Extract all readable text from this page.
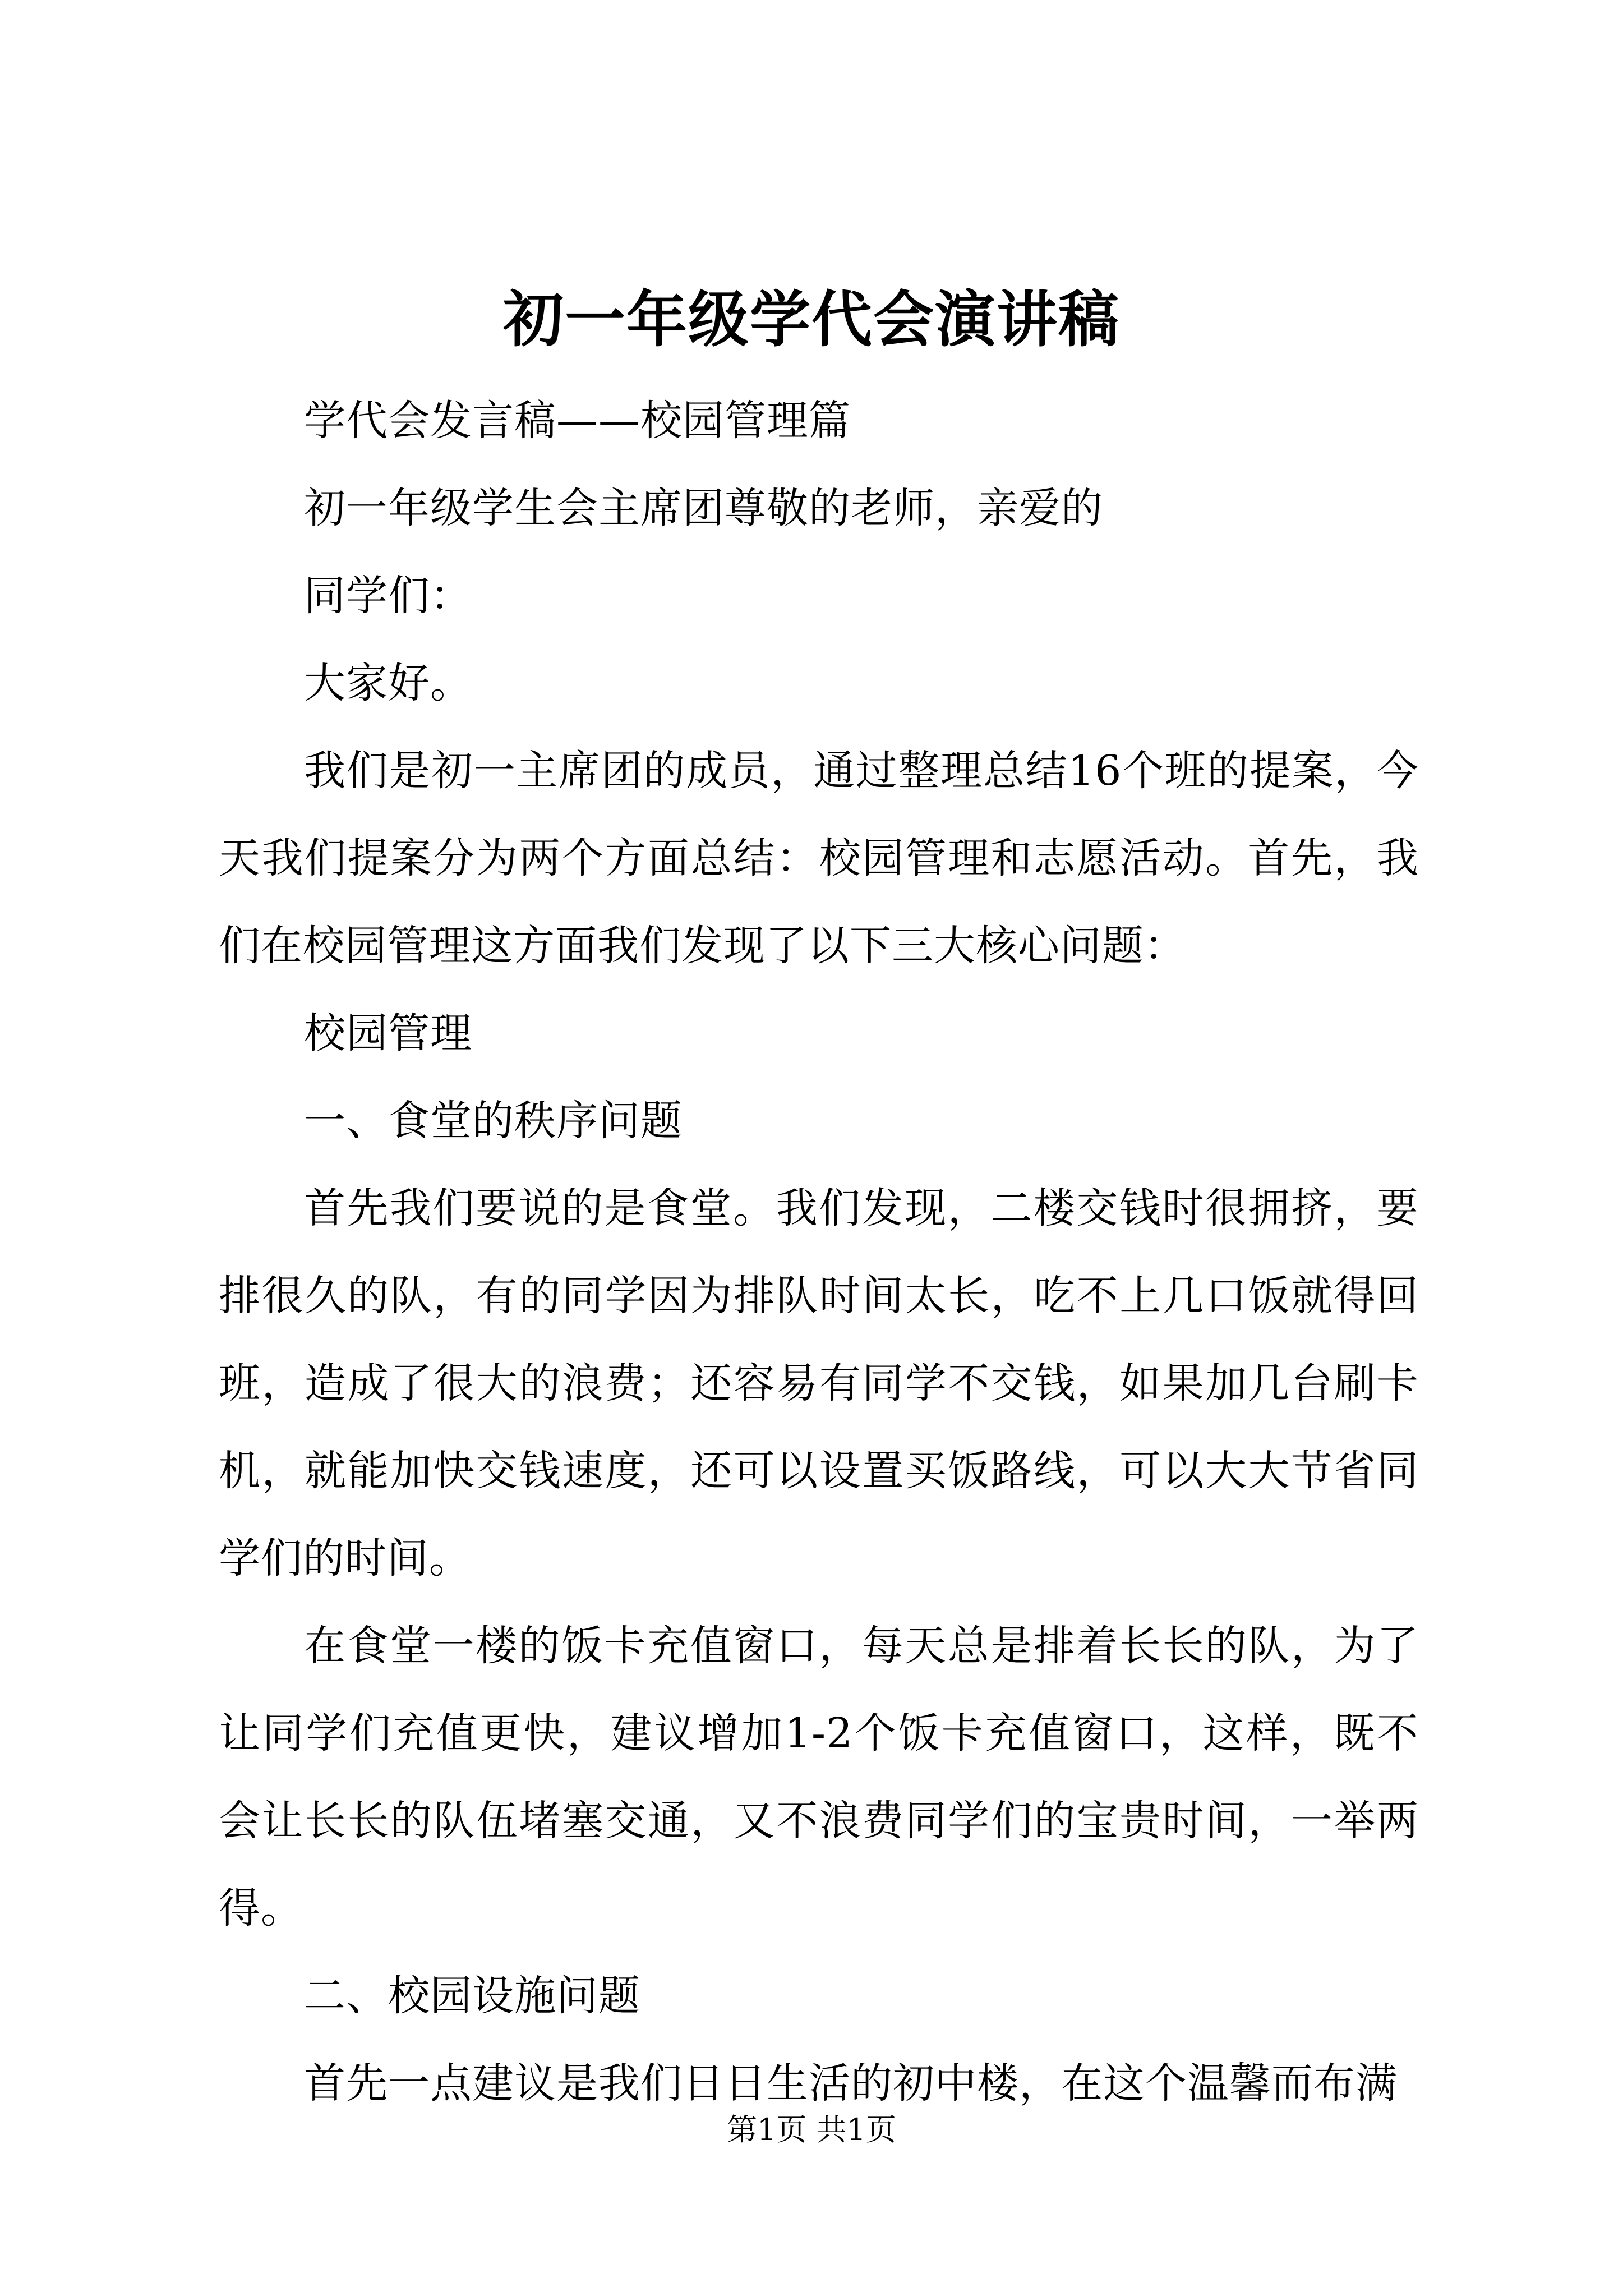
初一年级学代会演讲稿

学代会发言稿——校园管理篇

初一年级学生会主席团尊敬的老师，亲爱的

同学们：

大家好。

我们是初一主席团的成员，通过整理总结16个班的提案，今天我们提案分为两个方面总结：校园管理和志愿活动。首先，我们在校园管理这方面我们发现了以下三大核心问题：

校园管理

一、食堂的秩序问题

首先我们要说的是食堂。我们发现，二楼交钱时很拥挤，要排很久的队，有的同学因为排队时间太长，吃不上几口饭就得回班，造成了很大的浪费；还容易有同学不交钱，如果加几台刷卡机，就能加快交钱速度，还可以设置买饭路线，可以大大节省同学们的时间。

在食堂一楼的饭卡充值窗口，每天总是排着长长的队，为了让同学们充值更快，建议增加1-2个饭卡充值窗口，这样，既不会让长长的队伍堵塞交通，又不浪费同学们的宝贵时间，一举两得。

二、校园设施问题

首先一点建议是我们日日生活的初中楼，在这个温馨而布满

第1页 共1页
